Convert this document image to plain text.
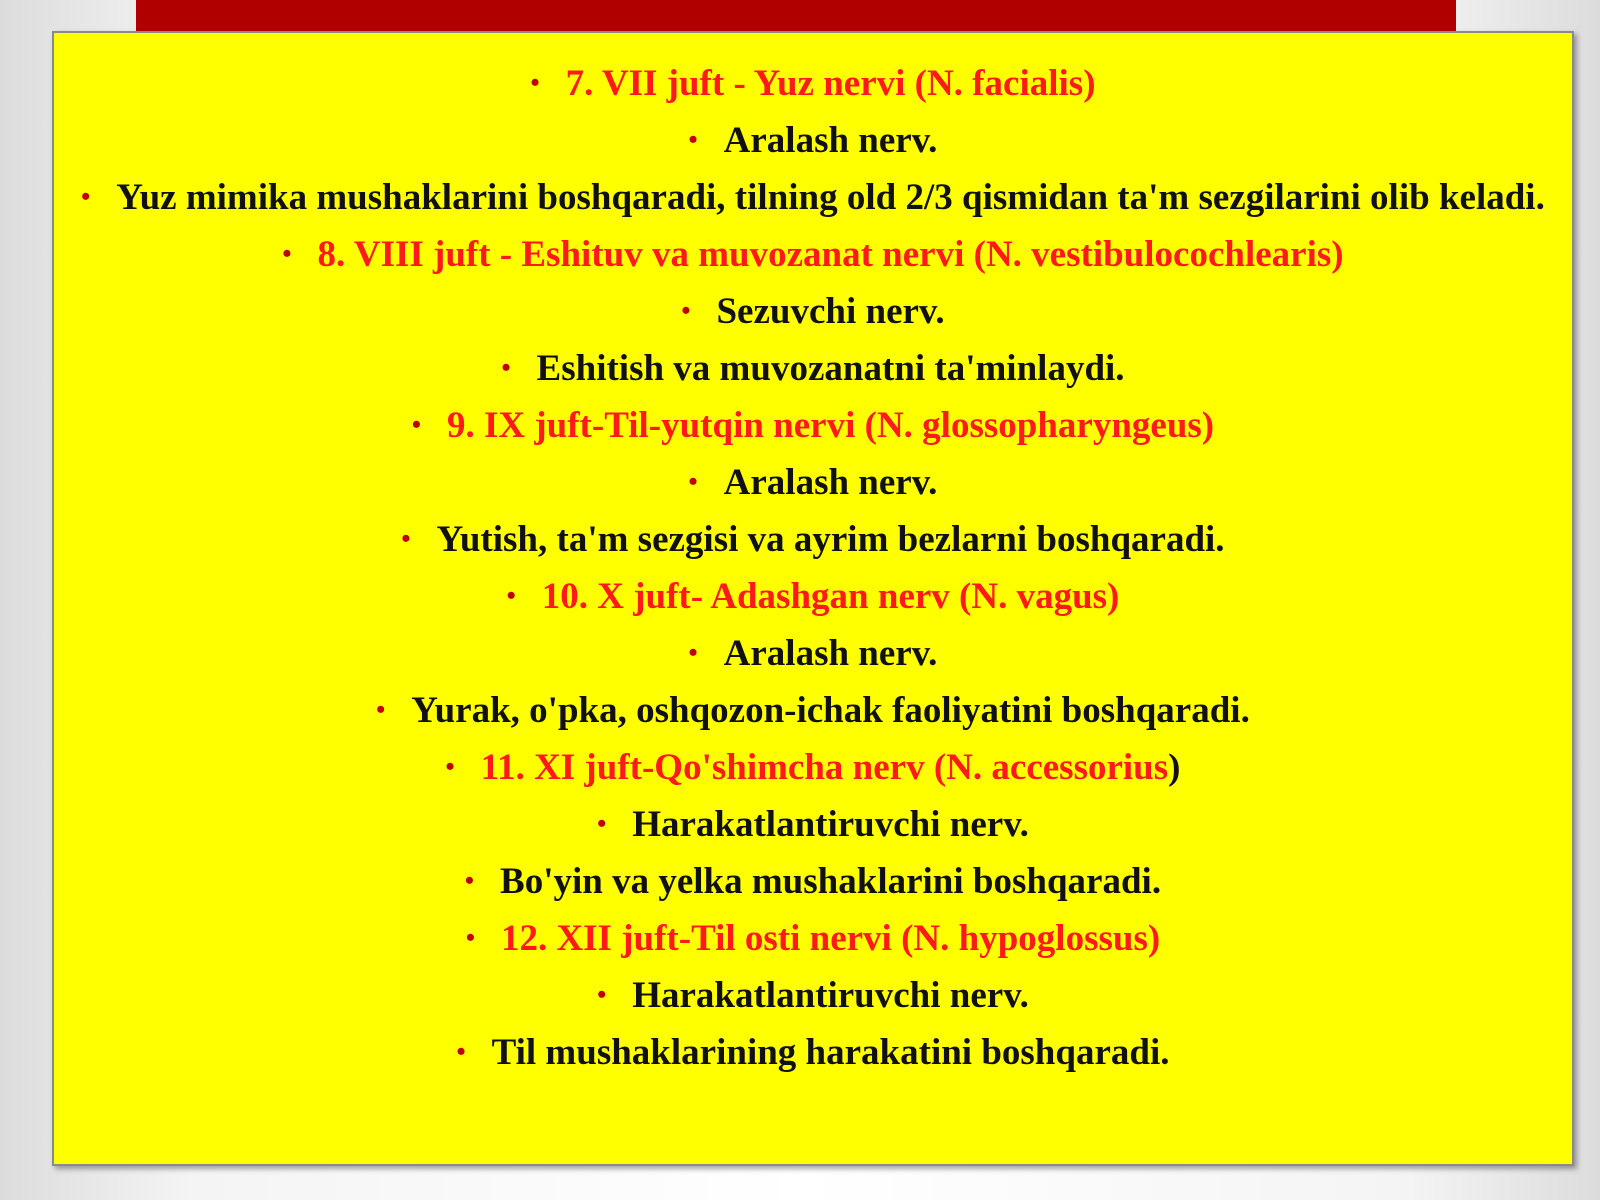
• 7. VII juft - Yuz nervi (N. facialis)
• Aralash nerv.
• Yuz mimika mushaklarini boshqaradi, tilning old 2/3 qismidan ta'm sezgilarini olib keladi.
• 8. VIII juft - Eshituv va muvozanat nervi (N. vestibulocochlearis)
• Sezuvchi nerv.
• Eshitish va muvozanatni ta'minlaydi.
• 9. IX juft-Til-yutqin nervi (N. glossopharyngeus)
• Aralash nerv.
• Yutish, ta'm sezgisi va ayrim bezlarni boshqaradi.
• 10. X juft- Adashgan nerv (N. vagus)
• Aralash nerv.
• Yurak, o'pka, oshqozon-ichak faoliyatini boshqaradi.
• 11. XI juft-Qo'shimcha nerv (N. accessorius)
• Harakatlantiruvchi nerv.
• Bo'yin va yelka mushaklarini boshqaradi.
• 12. XII juft-Til osti nervi (N. hypoglossus)
• Harakatlantiruvchi nerv.
• Til mushaklarining harakatini boshqaradi.
